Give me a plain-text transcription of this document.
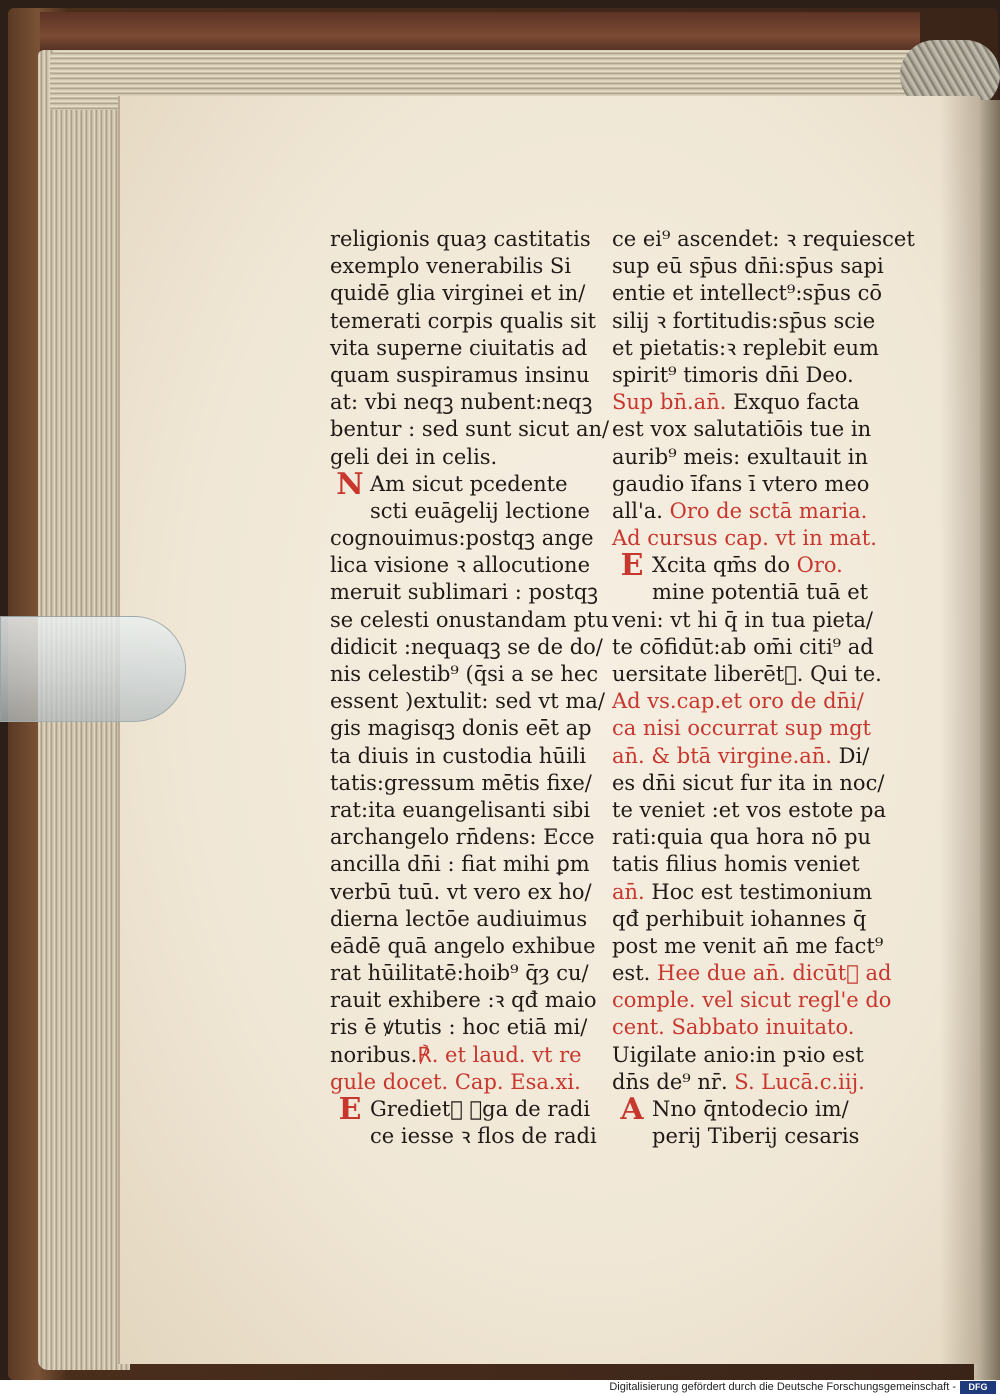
religionis quaȝ castitatis
exemplo venerabilis Si
quidē glia virginei et in/
temerati corpis qualis sit
vita superne ciuitatis ad
quam suspiramus insinu
at: vbi neqꝫ nubent:neqꝫ
bentur : sed sunt sicut an/
geli dei in celis.
N Am sicut pcedente
scti euāgelij lectione
cognouimus:postqꝫ ange
lica visione ꝛ allocutione
meruit sublimari : postqꝫ
se celesti onustandam ptu
didicit :nequaqꝫ se de do/
nis celestib⁹ (q̄si a se hec
essent )extulit: sed vt ma/
gis magisqꝫ donis eēt ap
ta diuis in custodia hūili
tatis:gressum mētis fixe/
rat:ita euangelisanti sibi
archangelo rn̄dens: Ecce
ancilla dn̄i : fiat mihi ꝑm
verbū tuū. vt vero ex ho/
dierna lectōe audiuimus
eādē quā angelo exhibue
rat hūilitatē:hoib⁹ q̄ȝ cu/
rauit exhibere :ꝛ qđ maio
ris ē ꝟtutis : hoc etiā mi/
noribus.℟. et laud. vt re
gule docet. Cap. Esa.xi.
E Gredietᷣ ꝟga de radi
ce iesse ꝛ flos de radi
ce ei⁹ ascendet: ꝛ requiescet
sup eū sp̄us dn̄i:sp̄us sapi
entie et intellect⁹:sp̄us cō
silij ꝛ fortitudis:sp̄us scie
et pietatis:ꝛ replebit eum
spirit⁹ timoris dn̄i Deo.
Sup bn̄.an̄. Exquo facta
est vox salutatiōis tue in
aurib⁹ meis: exultauit in
gaudio īfans ī vtero meo
all'a. Oro de sctā maria.
Ad cursus cap. vt in mat.
E Xcita qm̄s do Oro.
mine potentiā tuā et
veni: vt hi q̄ in tua pieta/
te cōfidūt:ab om̄i citi⁹ ad
uersitate liberētᷣ. Qui te.
Ad vs.cap.et oro de dn̄i/
ca nisi occurrat sup mgt
an̄. & btā virgine.an̄. Di/
es dn̄i sicut fur ita in noc/
te veniet :et vos estote pa
rati:quia qua hora nō pu
tatis filius homis veniet
an̄. Hoc est testimonium
qđ perhibuit iohannes q̄
post me venit an̄ me fact⁹
est. Hee due an̄. dicūtᷣ ad
comple. vel sicut regl'e do
cent. Sabbato inuitato.
Uigilate anio:in pꝛio est
dn̄s de⁹ nr̄. S. Lucā.c.iij.
A Nno q̄ntodecio im/
perij Tiberij cesaris
Digitalisierung gefördert durch die Deutsche Forschungsgemeinschaft -	DFG
